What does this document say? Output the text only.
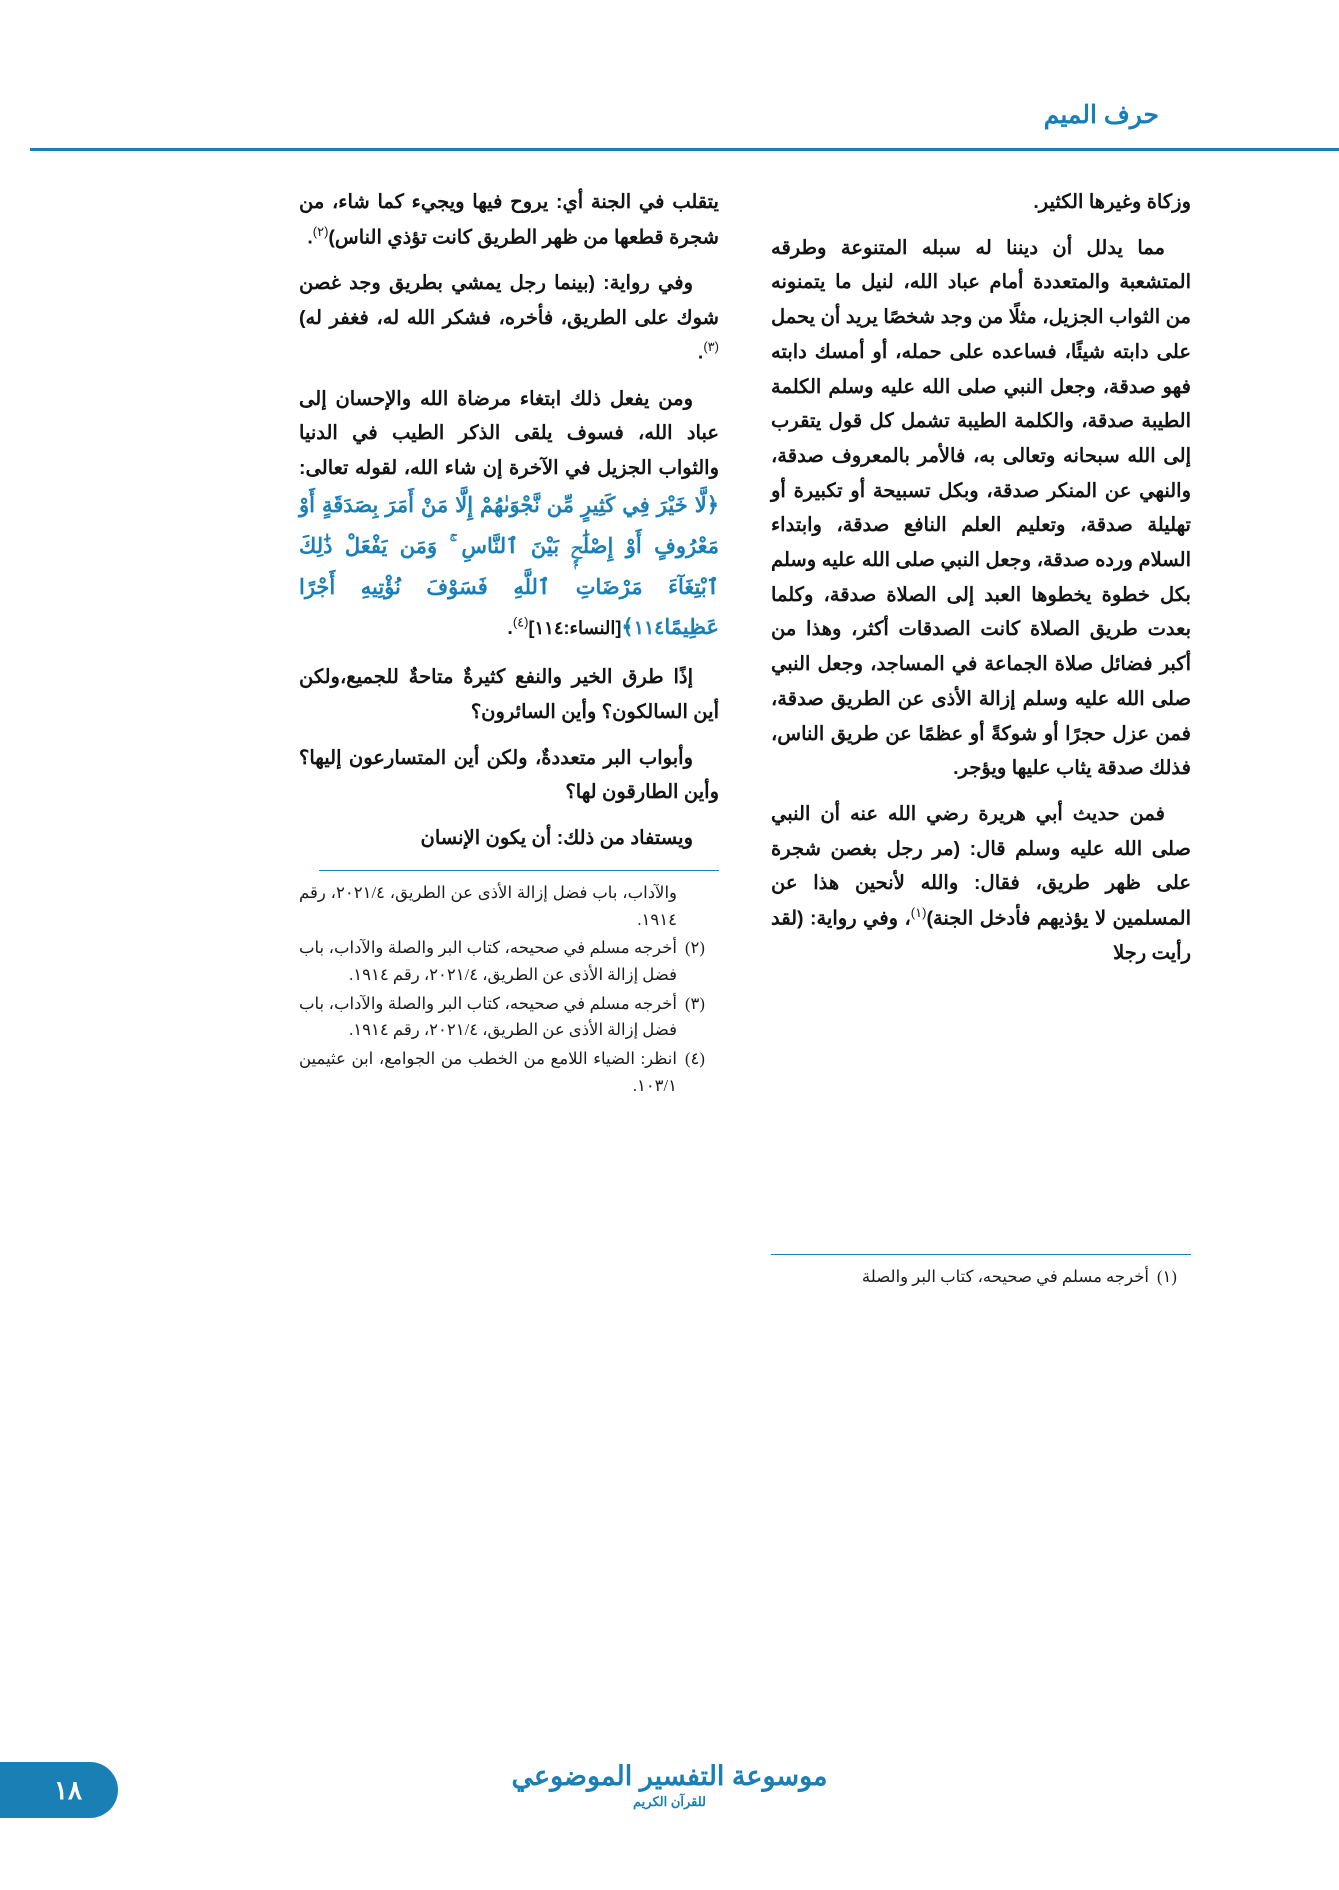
حرف الميم

وزكاة وغيرها الكثير.

مما يدلل أن ديننا له سبله المتنوعة وطرقه المتشعبة والمتعددة أمام عباد الله، لنيل ما يتمنونه من الثواب الجزيل، مثلًا من وجد شخصًا يريد أن يحمل على دابته شيئًا، فساعده على حمله، أو أمسك دابته فهو صدقة، وجعل النبي صلى الله عليه وسلم الكلمة الطيبة صدقة، والكلمة الطيبة تشمل كل قول يتقرب إلى الله سبحانه وتعالى به، فالأمر بالمعروف صدقة، والنهي عن المنكر صدقة، وبكل تسبيحة أو تكبيرة أو تهليلة صدقة، وتعليم العلم النافع صدقة، وابتداء السلام ورده صدقة، وجعل النبي صلى الله عليه وسلم بكل خطوة يخطوها العبد إلى الصلاة صدقة، وكلما بعدت طريق الصلاة كانت الصدقات أكثر، وهذا من أكبر فضائل صلاة الجماعة في المساجد، وجعل النبي صلى الله عليه وسلم إزالة الأذى عن الطريق صدقة، فمن عزل حجرًا أو شوكةً أو عظمًا عن طريق الناس، فذلك صدقة يثاب عليها ويؤجر.

فمن حديث أبي هريرة رضي الله عنه أن النبي صلى الله عليه وسلم قال: (مر رجل بغصن شجرة على ظهر طريق، فقال: والله لأنحين هذا عن المسلمين لا يؤذيهم فأدخل الجنة)$^{(١)}$، وفي رواية: (لقد رأيت رجلا

(١)
أخرجه مسلم في صحيحه، كتاب البر والصلة

يتقلب في الجنة أي: يروح فيها ويجيء كما شاء، من شجرة قطعها من ظهر الطريق كانت تؤذي الناس)$^{(٢)}$.

وفي رواية: (بينما رجل يمشي بطريق وجد غصن شوك على الطريق، فأخره، فشكر الله له، فغفر له)$^{(٣)}$.

ومن يفعل ذلك ابتغاء مرضاة الله والإحسان إلى عباد الله، فسوف يلقى الذكر الطيب في الدنيا والثواب الجزيل في الآخرة إن شاء الله، لقوله تعالى: ﴿لَّا خَيْرَ فِي كَثِيرٍ مِّن نَّجْوَىٰهُمْ إِلَّا مَنْ أَمَرَ بِصَدَقَةٍ أَوْ مَعْرُوفٍ أَوْ إِصْلَٰحٍۭ بَيْنَ ٱلنَّاسِ ۚ وَمَن يَفْعَلْ ذَٰلِكَ ٱبْتِغَآءَ مَرْضَاتِ ٱللَّهِ فَسَوْفَ نُؤْتِيهِ أَجْرًا عَظِيمًا١١٤﴾[النساء:١١٤]$^{(٤)}$.

إذًا طرق الخير والنفع كثيرةٌ متاحةٌ للجميع،ولكن أين السالكون؟ وأين السائرون؟

وأبواب البر متعددةٌ، ولكن أين المتسارعون إليها؟ وأين الطارقون لها؟

ويستفاد من ذلك: أن يكون الإنسان

والآداب، باب فضل إزالة الأذى عن الطريق، ٢٠٢١/٤، رقم ١٩١٤.
(٢)
أخرجه مسلم في صحيحه، كتاب البر والصلة والآداب، باب فضل إزالة الأذى عن الطريق، ٢٠٢١/٤، رقم ١٩١٤.
(٣)
أخرجه مسلم في صحيحه، كتاب البر والصلة والآداب، باب فضل إزالة الأذى عن الطريق، ٢٠٢١/٤، رقم ١٩١٤.
(٤)
انظر: الضياء اللامع من الخطب من الجوامع، ابن عثيمين ١٠٣/١.
موسوعة التفسير الموضوعي
للقرآن الكريم
١٨
